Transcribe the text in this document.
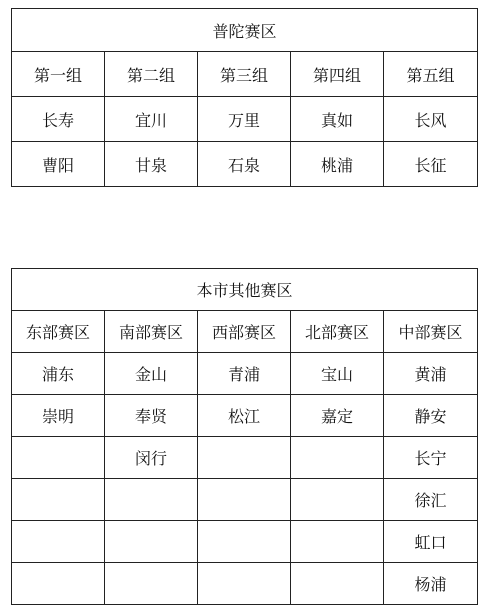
普陀赛区				
第一组	第二组	第三组	第四组	第五组
长寿	宜川	万里	真如	长风
曹阳	甘泉	石泉	桃浦	长征
本市其他赛区				
东部赛区	南部赛区	西部赛区	北部赛区	中部赛区
浦东	金山	青浦	宝山	黄浦
崇明	奉贤	松江	嘉定	静安
	闵行			长宁
				徐汇
				虹口
				杨浦
